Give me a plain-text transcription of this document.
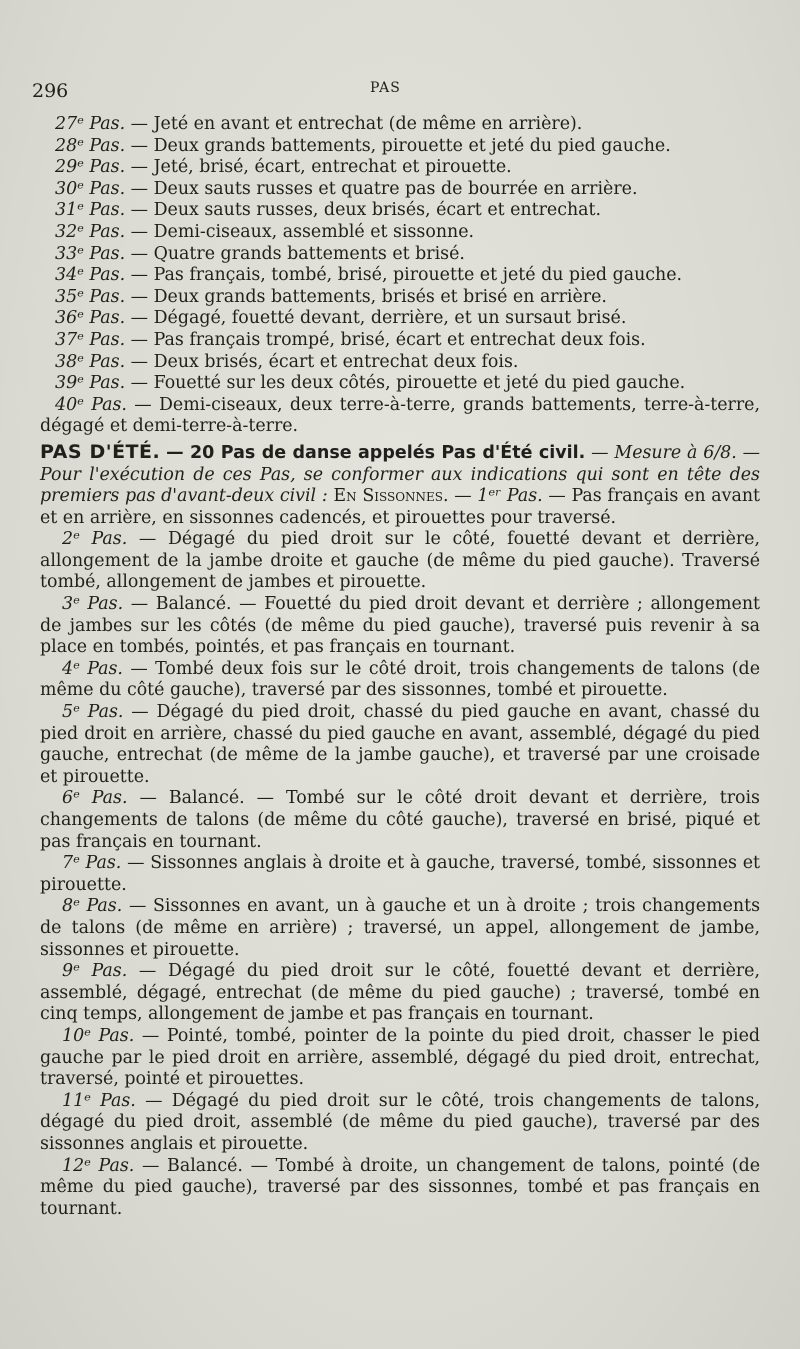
296	PAS

27ᵉ Pas. — Jeté en avant et entrechat (de même en arrière).

28ᵉ Pas. — Deux grands battements, pirouette et jeté du pied gauche.

29ᵉ Pas. — Jeté, brisé, écart, entrechat et pirouette.

30ᵉ Pas. — Deux sauts russes et quatre pas de bourrée en arrière.

31ᵉ Pas. — Deux sauts russes, deux brisés, écart et entrechat.

32ᵉ Pas. — Demi-ciseaux, assemblé et sissonne.

33ᵉ Pas. — Quatre grands battements et brisé.

34ᵉ Pas. — Pas français, tombé, brisé, pirouette et jeté du pied gauche.

35ᵉ Pas. — Deux grands battements, brisés et brisé en arrière.

36ᵉ Pas. — Dégagé, fouetté devant, derrière, et un sursaut brisé.

37ᵉ Pas. — Pas français trompé, brisé, écart et entrechat deux fois.

38ᵉ Pas. — Deux brisés, écart et entrechat deux fois.

39ᵉ Pas. — Fouetté sur les deux côtés, pirouette et jeté du pied gauche.

40ᵉ Pas. — Demi-ciseaux, deux terre-à-terre, grands battements, terre-à-terre, dégagé et demi-terre-à-terre.

PAS D'ÉTÉ. — 20 Pas de danse appelés Pas d'Été civil. — Mesure à 6/8. — Pour l'exécution de ces Pas, se conformer aux indications qui sont en tête des premiers pas d'avant-deux civil : En Sissonnes. — 1ᵉʳ Pas. — Pas français en avant et en arrière, en sissonnes cadencés, et pirouettes pour traversé.

2ᵉ Pas. — Dégagé du pied droit sur le côté, fouetté devant et derrière, allongement de la jambe droite et gauche (de même du pied gauche). Traversé tombé, allongement de jambes et pirouette.

3ᵉ Pas. — Balancé. — Fouetté du pied droit devant et derrière ; allongement de jambes sur les côtés (de même du pied gauche), traversé puis revenir à sa place en tombés, pointés, et pas français en tournant.

4ᵉ Pas. — Tombé deux fois sur le côté droit, trois changements de talons (de même du côté gauche), traversé par des sissonnes, tombé et pirouette.

5ᵉ Pas. — Dégagé du pied droit, chassé du pied gauche en avant, chassé du pied droit en arrière, chassé du pied gauche en avant, assemblé, dégagé du pied gauche, entrechat (de même de la jambe gauche), et traversé par une croisade et pirouette.

6ᵉ Pas. — Balancé. — Tombé sur le côté droit devant et derrière, trois changements de talons (de même du côté gauche), traversé en brisé, piqué et pas français en tournant.

7ᵉ Pas. — Sissonnes anglais à droite et à gauche, traversé, tombé, sissonnes et pirouette.

8ᵉ Pas. — Sissonnes en avant, un à gauche et un à droite ; trois changements de talons (de même en arrière) ; traversé, un appel, allongement de jambe, sissonnes et pirouette.

9ᵉ Pas. — Dégagé du pied droit sur le côté, fouetté devant et derrière, assemblé, dégagé, entrechat (de même du pied gauche) ; traversé, tombé en cinq temps, allongement de jambe et pas français en tournant.

10ᵉ Pas. — Pointé, tombé, pointer de la pointe du pied droit, chasser le pied gauche par le pied droit en arrière, assemblé, dégagé du pied droit, entrechat, traversé, pointé et pirouettes.

11ᵉ Pas. — Dégagé du pied droit sur le côté, trois changements de talons, dégagé du pied droit, assemblé (de même du pied gauche), traversé par des sissonnes anglais et pirouette.

12ᵉ Pas. — Balancé. — Tombé à droite, un changement de talons, pointé (de même du pied gauche), traversé par des sissonnes, tombé et pas français en tournant.
